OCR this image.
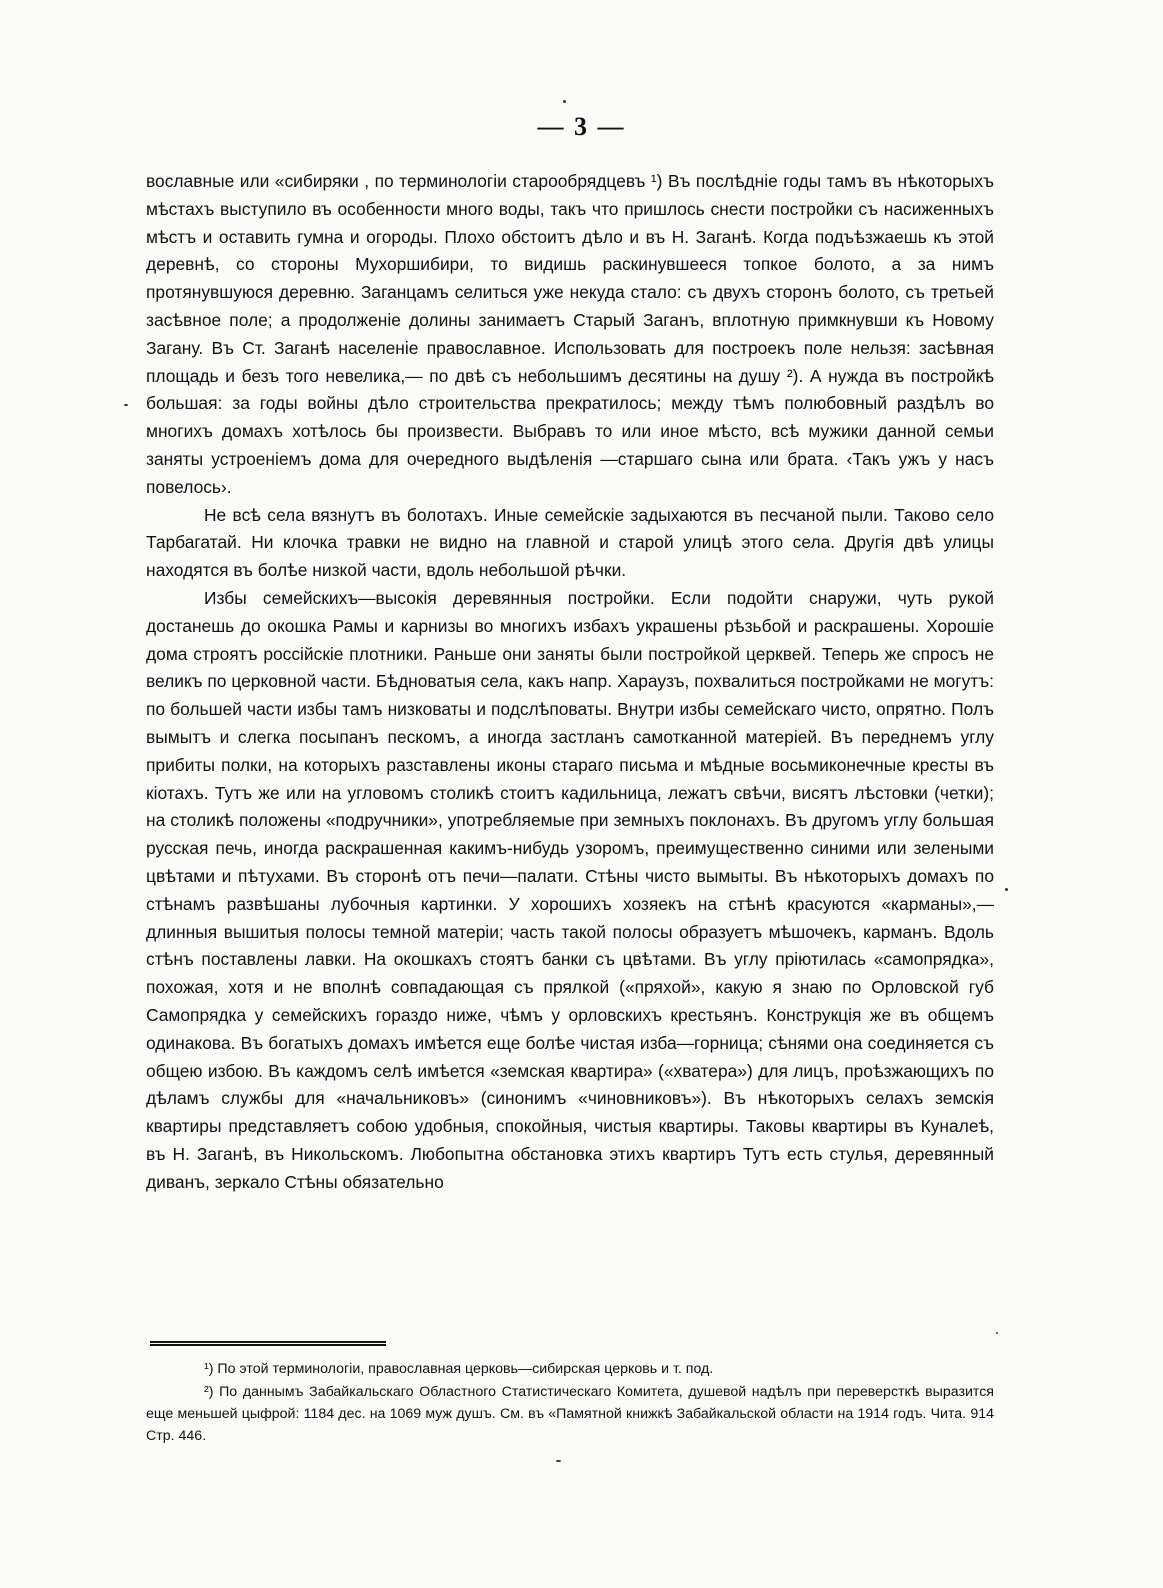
— 3 —

вославные или «сибиряки , по терминологіи старообрядцевъ ¹) Въ послѣдніе годы тамъ въ нѣкоторыхъ мѣстахъ выступило въ особенности много воды, такъ что пришлось снести постройки съ насиженныхъ мѣстъ и оставить гумна и огороды. Плохо обстоитъ дѣло и въ Н. Заганѣ. Когда подъѣзжаешь къ этой деревнѣ, со стороны Мухоршибири, то видишь раскинувшееся топкое болото, а за нимъ протянувшуюся деревню. Заганцамъ селиться уже некуда стало: съ двухъ сторонъ болото, съ третьей засѣвное поле; а продолженіе долины занимаетъ Старый Заганъ, вплотную примкнувши къ Новому Загану. Въ Ст. Заганѣ населеніе православное. Использовать для построекъ поле нельзя: засѣвная площадь и безъ того невелика,— по двѣ съ небольшимъ десятины на душу ²). А нужда въ постройкѣ большая: за годы войны дѣло строительства прекратилось; между тѣмъ полюбовный раздѣлъ во многихъ домахъ хотѣлось бы произвести. Выбравъ то или иное мѣсто, всѣ мужики данной семьи заняты устроеніемъ дома для очередного выдѣленія —старшаго сына или брата. ‹Такъ ужъ у насъ повелось›.

Не всѣ села вязнутъ въ болотахъ. Иные семейскіе задыхаются въ песчаной пыли. Таково село Тарбагатай. Ни клочка травки не видно на главной и старой улицѣ этого села. Другія двѣ улицы находятся въ болѣе низкой части, вдоль небольшой рѣчки.

Избы семейскихъ—высокія деревянныя постройки. Если подойти снаружи, чуть рукой достанешь до окошка Рамы и карнизы во многихъ избахъ украшены рѣзьбой и раскрашены. Хорошіе дома строятъ россійскіе плотники. Раньше они заняты были постройкой церквей. Теперь же спросъ не великъ по церковной части. Бѣдноватыя села, какъ напр. Хараузъ, похвалиться постройками не могутъ: по большей части избы тамъ низковаты и подслѣповаты. Внутри избы семейскаго чисто, опрятно. Полъ вымытъ и слегка посыпанъ пескомъ, а иногда застланъ самотканной матеріей. Въ переднемъ углу прибиты полки, на которыхъ разставлены иконы стараго письма и мѣдные восьмиконечные кресты въ кіотахъ. Тутъ же или на угловомъ столикѣ стоитъ кадильница, лежатъ свѣчи, висятъ лѣстовки (четки); на столикѣ положены «подручники», употребляемые при земныхъ поклонахъ. Въ другомъ углу большая русская печь, иногда раскрашенная какимъ-нибудь узоромъ, преимущественно синими или зелеными цвѣтами и пѣтухами. Въ сторонѣ отъ печи—палати. Стѣны чисто вымыты. Въ нѣкоторыхъ домахъ по стѣнамъ развѣшаны лубочныя картинки. У хорошихъ хозяекъ на стѣнѣ красуются «карманы»,—длинныя вышитыя полосы темной матеріи; часть такой полосы образуетъ мѣшочекъ, карманъ. Вдоль стѣнъ поставлены лавки. На окошкахъ стоятъ банки съ цвѣтами. Въ углу пріютилась «самопрядка», похожая, хотя и не вполнѣ совпадающая съ прялкой («пряхой», какую я знаю по Орловской губ Самопрядка у семейскихъ гораздо ниже, чѣмъ у орловскихъ крестьянъ. Конструкція же въ общемъ одинакова. Въ богатыхъ домахъ имѣется еще болѣе чистая изба—горница; сѣнями она соединяется съ общею избою. Въ каждомъ селѣ имѣется «земская квартира» («хватера») для лицъ, проѣзжающихъ по дѣламъ службы для «начальниковъ» (синонимъ «чиновниковъ»). Въ нѣкоторыхъ селахъ земскія квартиры представляетъ собою удобныя, спокойныя, чистыя квартиры. Таковы квартиры въ Куналеѣ, въ Н. Заганѣ, въ Никольскомъ. Любопытна обстановка этихъ квартиръ Тутъ есть стулья, деревянный диванъ, зеркало Стѣны обязательно

¹) По этой терминологіи, православная церковь—сибирская церковь и т. под.

²) По даннымъ Забайкальскаго Областного Статистическаго Комитета, душевой надѣлъ при переверсткѣ выразится еще меньшей цыфрой: 1184 дес. на 1069 муж душъ. См. въ «Памятной книжкѣ Забайкальской области на 1914 годъ. Чита. 914 Стр. 446.
